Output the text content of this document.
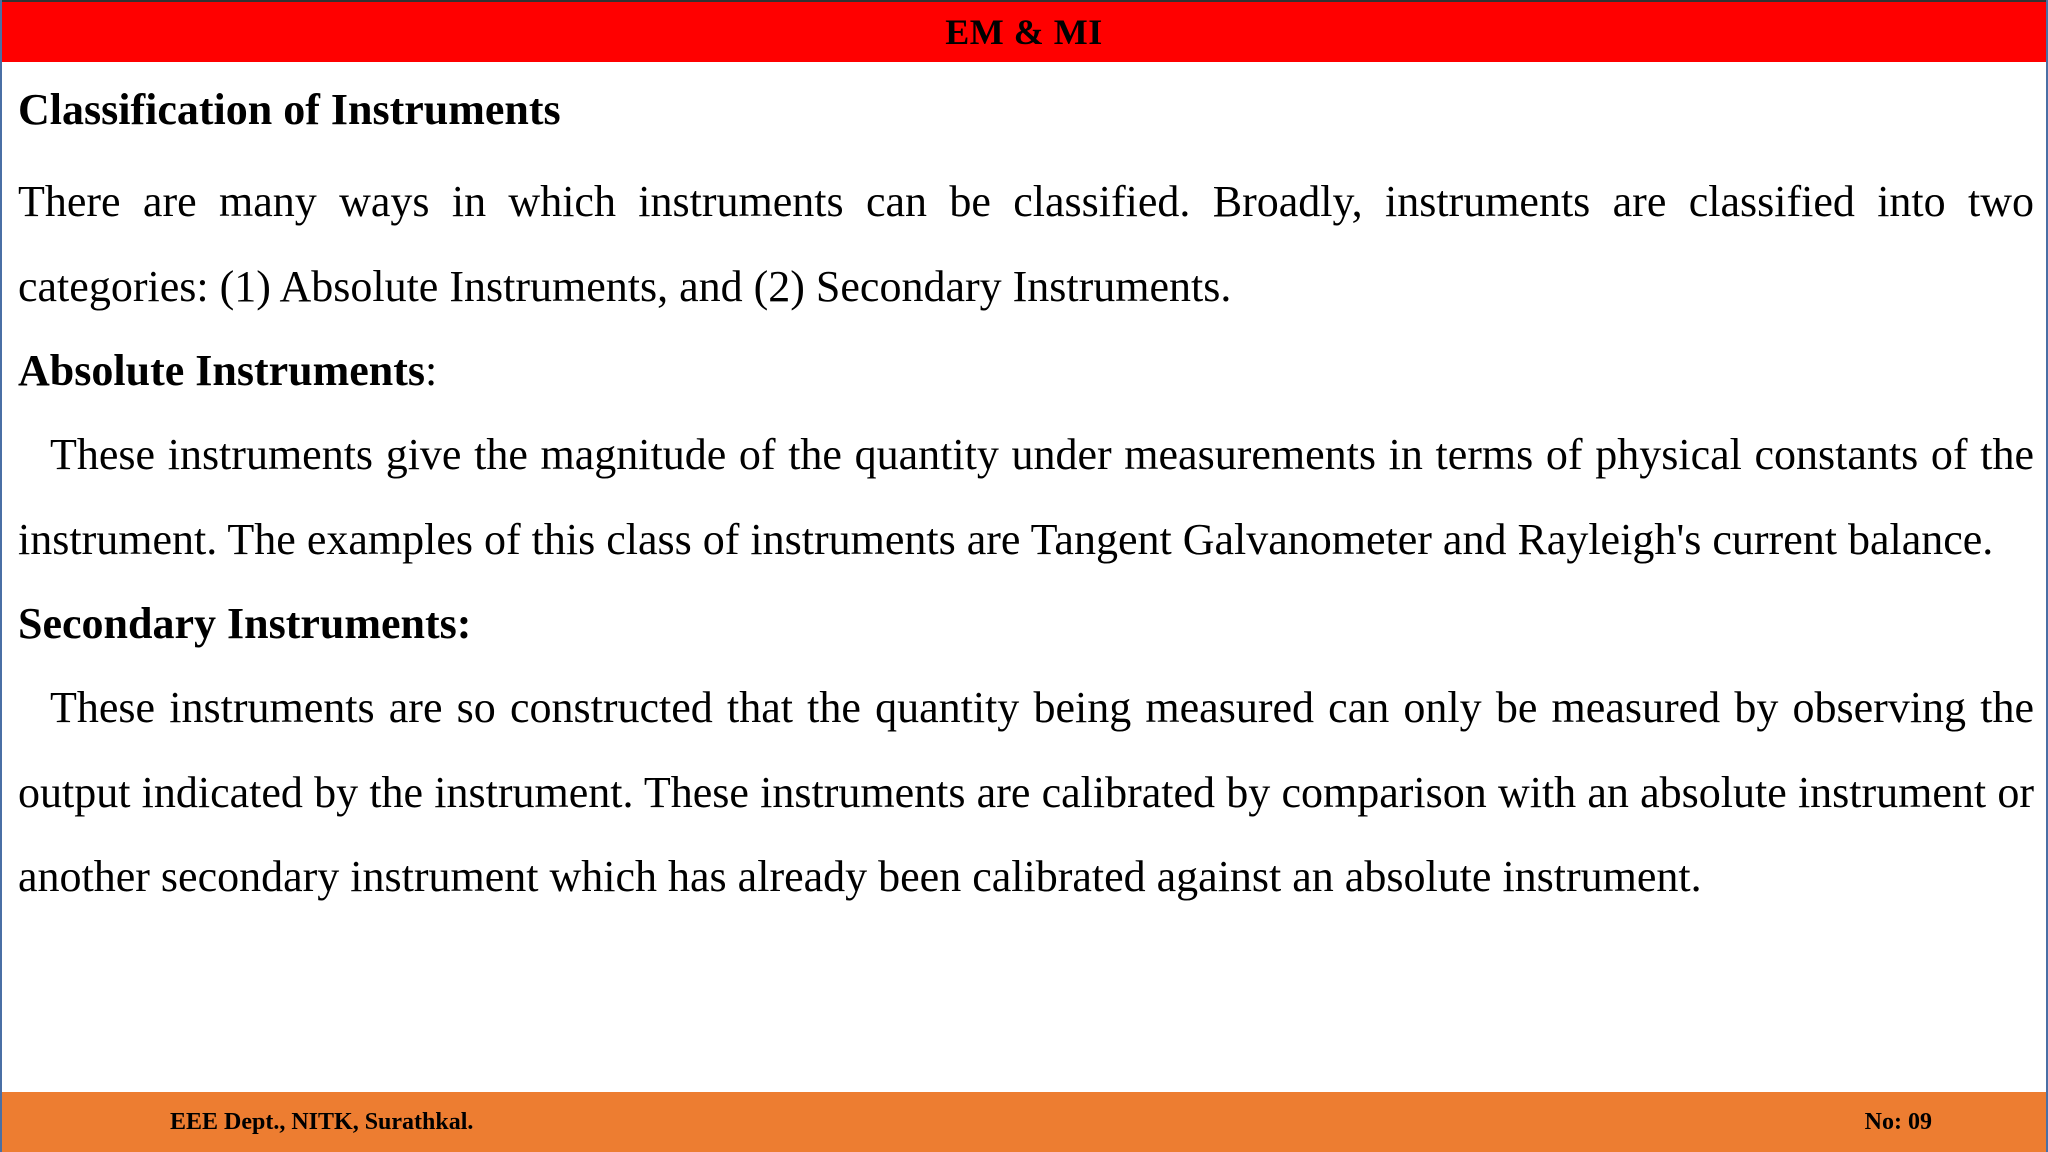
EM & MI

Classification of Instruments

There are many ways in which instruments can be classified. Broadly, instruments are classified into two categories: (1) Absolute Instruments, and (2) Secondary Instruments.

Absolute Instruments:

These instruments give the magnitude of the quantity under measurements in terms of physical constants of the instrument. The examples of this class of instruments are Tangent Galvanometer and Rayleigh's current balance.

Secondary Instruments:

These instruments are so constructed that the quantity being measured can only be measured by observing the output indicated by the instrument. These instruments are calibrated by comparison with an absolute instrument or another secondary instrument which has already been calibrated against an absolute instrument.

EEE Dept., NITK, Surathkal.	No: 09
